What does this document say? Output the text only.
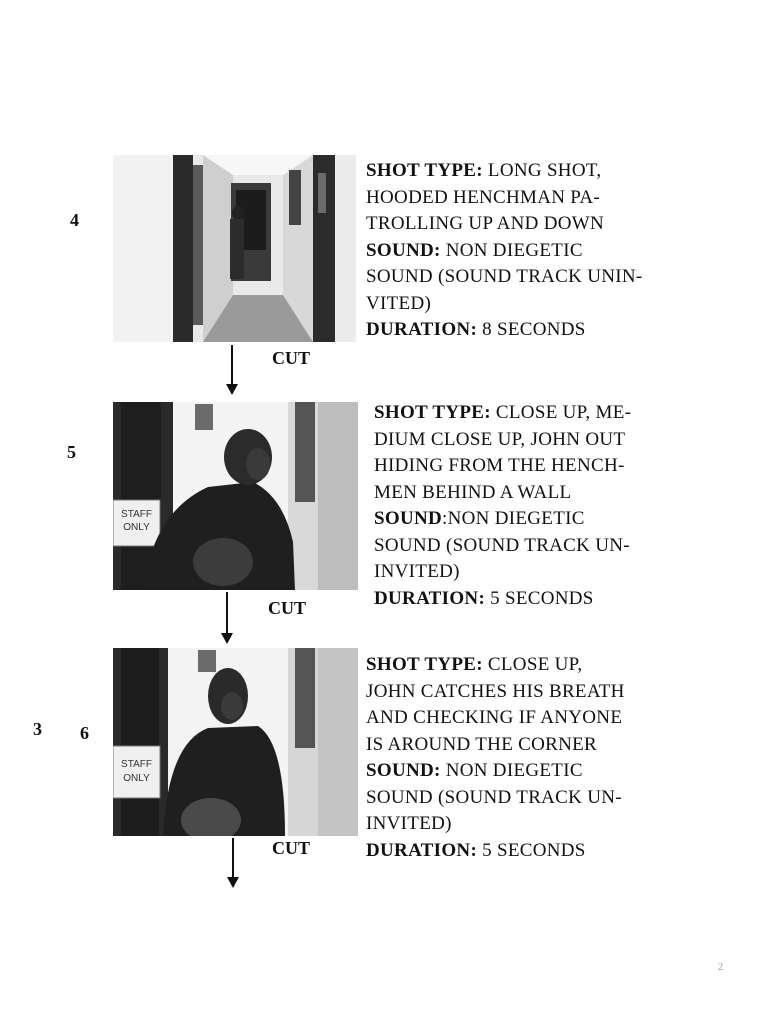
4
SHOT TYPE: LONG SHOT,
HOODED HENCHMAN PA-
TROLLING UP AND DOWN
SOUND: NON DIEGETIC
SOUND (SOUND TRACK UNIN-
VITED)
DURATION: 8 SECONDS
CUT
5
STAFF
ONLY
SHOT TYPE: CLOSE UP, ME-
DIUM CLOSE UP, JOHN OUT
HIDING FROM THE HENCH-
MEN BEHIND A WALL
SOUND:NON DIEGETIC
SOUND (SOUND TRACK UN-
INVITED)
DURATION: 5 SECONDS
CUT
3 6
STAFF
ONLY
SHOT TYPE: CLOSE UP,
JOHN CATCHES HIS BREATH
AND CHECKING IF ANYONE
IS AROUND THE CORNER
SOUND: NON DIEGETIC
SOUND (SOUND TRACK UN-
INVITED)
DURATION: 5 SECONDS
CUT
2
